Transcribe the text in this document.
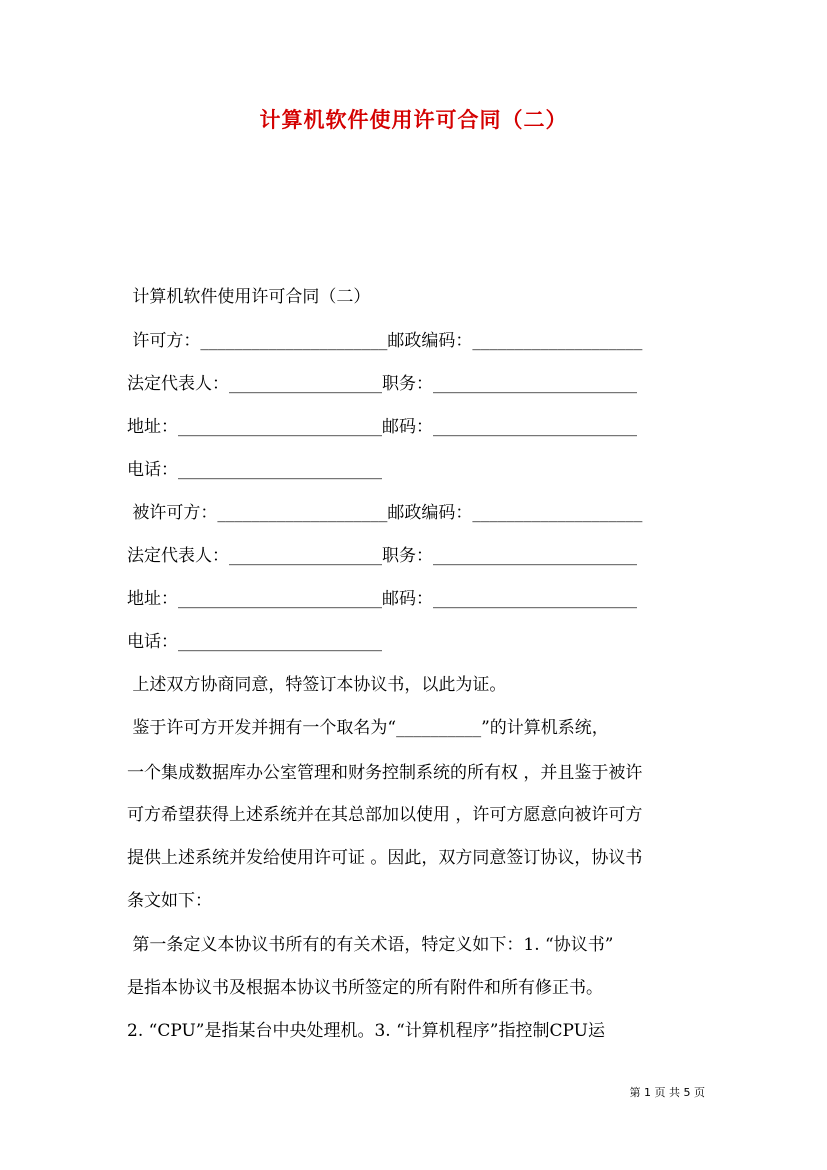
计算机软件使用许可合同（二）
计算机软件使用许可合同（二）
许可方：______________________邮政编码：____________________
法定代表人：__________________职务：________________________
地址：________________________邮码：________________________
电话：________________________
被许可方：____________________邮政编码：____________________
法定代表人：__________________职务：________________________
地址：________________________邮码：________________________
电话：________________________
上述双方协商同意，特签订本协议书，以此为证。
鉴于许可方开发并拥有一个取名为“__________”的计算机系统，
一个集成数据库办公室管理和财务控制系统的所有权 ，并且鉴于被许
可方希望获得上述系统并在其总部加以使用 ，许可方愿意向被许可方
提供上述系统并发给使用许可证 。因此，双方同意签订协议，协议书
条文如下：
第一条定义本协议书所有的有关术语，特定义如下：1. “协议书”
是指本协议书及根据本协议书所签定的所有附件和所有修正书。
2. “CPU”是指某台中央处理机。3. “计算机程序”指控制CPU运
第 1 页 共 5 页
